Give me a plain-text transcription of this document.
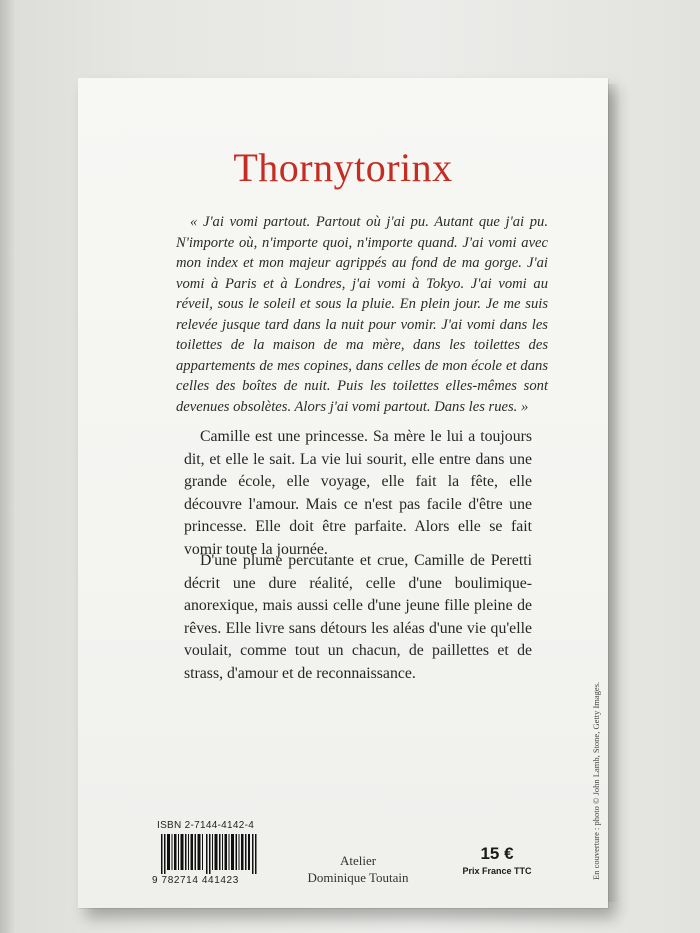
Thornytorinx

« J'ai vomi partout. Partout où j'ai pu. Autant que j'ai pu. N'importe où, n'importe quoi, n'importe quand. J'ai vomi avec mon index et mon majeur agrippés au fond de ma gorge. J'ai vomi à Paris et à Londres, j'ai vomi à Tokyo. J'ai vomi au réveil, sous le soleil et sous la pluie. En plein jour. Je me suis relevée jusque tard dans la nuit pour vomir. J'ai vomi dans les toilettes de la maison de ma mère, dans les toilettes des appartements de mes copines, dans celles de mon école et dans celles des boîtes de nuit. Puis les toilettes elles-mêmes sont devenues obsolètes. Alors j'ai vomi partout. Dans les rues. »

Camille est une princesse. Sa mère le lui a toujours dit, et elle le sait. La vie lui sourit, elle entre dans une grande école, elle voyage, elle fait la fête, elle découvre l'amour. Mais ce n'est pas facile d'être une princesse. Elle doit être parfaite. Alors elle se fait vomir toute la journée.

D'une plume percutante et crue, Camille de Peretti décrit une dure réalité, celle d'une boulimique-anorexique, mais aussi celle d'une jeune fille pleine de rêves. Elle livre sans détours les aléas d'une vie qu'elle voulait, comme tout un chacun, de paillettes et de strass, d'amour et de reconnaissance.

ISBN 2-7144-4142-4
9 782714 441423
Atelier
Dominique Toutain
15 €
Prix France TTC	En couverture : photo © John Lamb, Stone, Getty Images.
